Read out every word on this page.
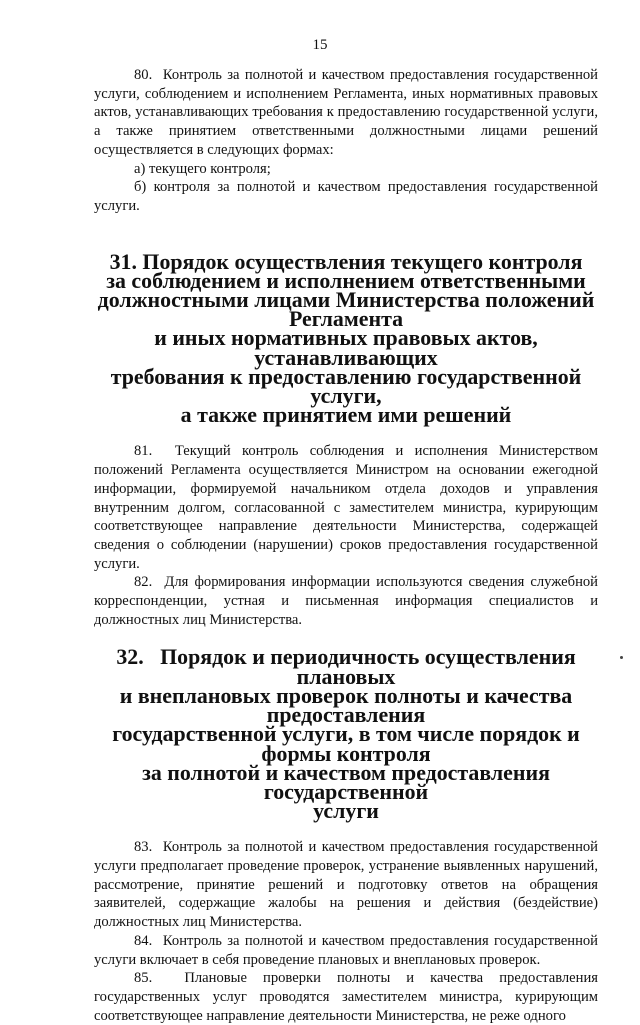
15

80.  Контроль за полнотой и качеством предоставления государственной услуги, соблюдением и исполнением Регламента, иных нормативных правовых актов, устанавливающих требования к предоставлению государственной услуги, а также принятием ответственными должностными лицами решений осуществляется в следующих формах:

а) текущего контроля;

б) контроля за полнотой и качеством предоставления государственной услуги.

31. Порядок осуществления текущего контроля
за соблюдением и исполнением ответственными
должностными лицами Министерства положений Регламента
и иных нормативных правовых актов, устанавливающих
требования к предоставлению государственной услуги,
а также принятием ими решений

81.  Текущий контроль соблюдения и исполнения Министерством положений Регламента осуществляется Министром на основании ежегодной информации, формируемой начальником отдела доходов и управления внутренним долгом, согласованной с заместителем министра, курирующим соответствующее направление деятельности Министерства, содержащей сведения о соблюдении (нарушении) сроков предоставления государственной услуги.

82.  Для формирования информации используются сведения служебной корреспонденции, устная и письменная информация специалистов и должностных лиц Министерства.

32.   Порядок и периодичность осуществления плановых
и внеплановых проверок полноты и качества предоставления
государственной услуги, в том числе порядок и формы контроля
за полнотой и качеством предоставления государственной
услуги

83.  Контроль за полнотой и качеством предоставления государственной услуги предполагает проведение проверок, устранение выявленных нарушений, рассмотрение, принятие решений и подготовку ответов на обращения заявителей, содержащие жалобы на решения и действия (бездействие) должностных лиц Министерства.

84.  Контроль за полнотой и качеством предоставления государственной услуги включает в себя проведение плановых и внеплановых проверок.

85.  Плановые проверки полноты и качества предоставления государственных услуг проводятся заместителем министра, курирующим соответствующее направление деятельности Министерства, не реже одного
